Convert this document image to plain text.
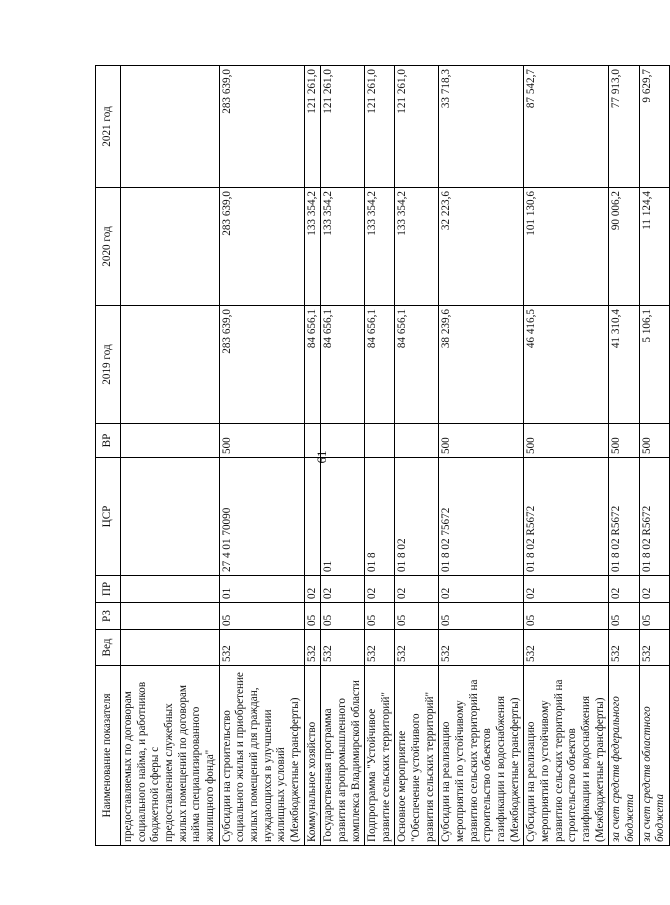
61
Наименование показателя	Вед	РЗ	ПР	ЦСР	ВР	2019 год	2020 год	2021 год
предоставляемых по договорам социального найма, и работников бюджетной сферы с предоставлением служебных жилых помещений по договорам найма специализированного жилищного фонда"								
Субсидии на строительство социального жилья и приобретение жилых помещений для граждан, нуждающихся в улучшении жилищных условий (Межбюджетные трансферты)	532	05	01	27 4 01 70090	500	283 639,0	283 639,0	283 639,0
Коммунальное хозяйство	532	05	02			84 656,1	133 354,2	121 261,0
Государственная программа развития агропромышленного комплекса Владимирской области	532	05	02	01		84 656,1	133 354,2	121 261,0
Подпрограмма "Устойчивое развитие сельских территорий"	532	05	02	01 8		84 656,1	133 354,2	121 261,0
Основное мероприятие "Обеспечение устойчивого развития сельских территорий"	532	05	02	01 8 02		84 656,1	133 354,2	121 261,0
Субсидии на реализацию мероприятий по устойчивому развитию сельских территорий на строительство объектов газификации и водоснабжения (Межбюджетные трансферты)	532	05	02	01 8 02 75672	500	38 239,6	32 223,6	33 718,3
Субсидии на реализацию мероприятий по устойчивому развитию сельских территорий на строительство объектов газификации и водоснабжения (Межбюджетные трансферты)	532	05	02	01 8 02 R5672	500	46 416,5	101 130,6	87 542,7
за счет средств федерального бюджета	532	05	02	01 8 02 R5672	500	41 310,4	90 006,2	77 913,0
за счет средств областного бюджета	532	05	02	01 8 02 R5672	500	5 106,1	11 124,4	9 629,7
